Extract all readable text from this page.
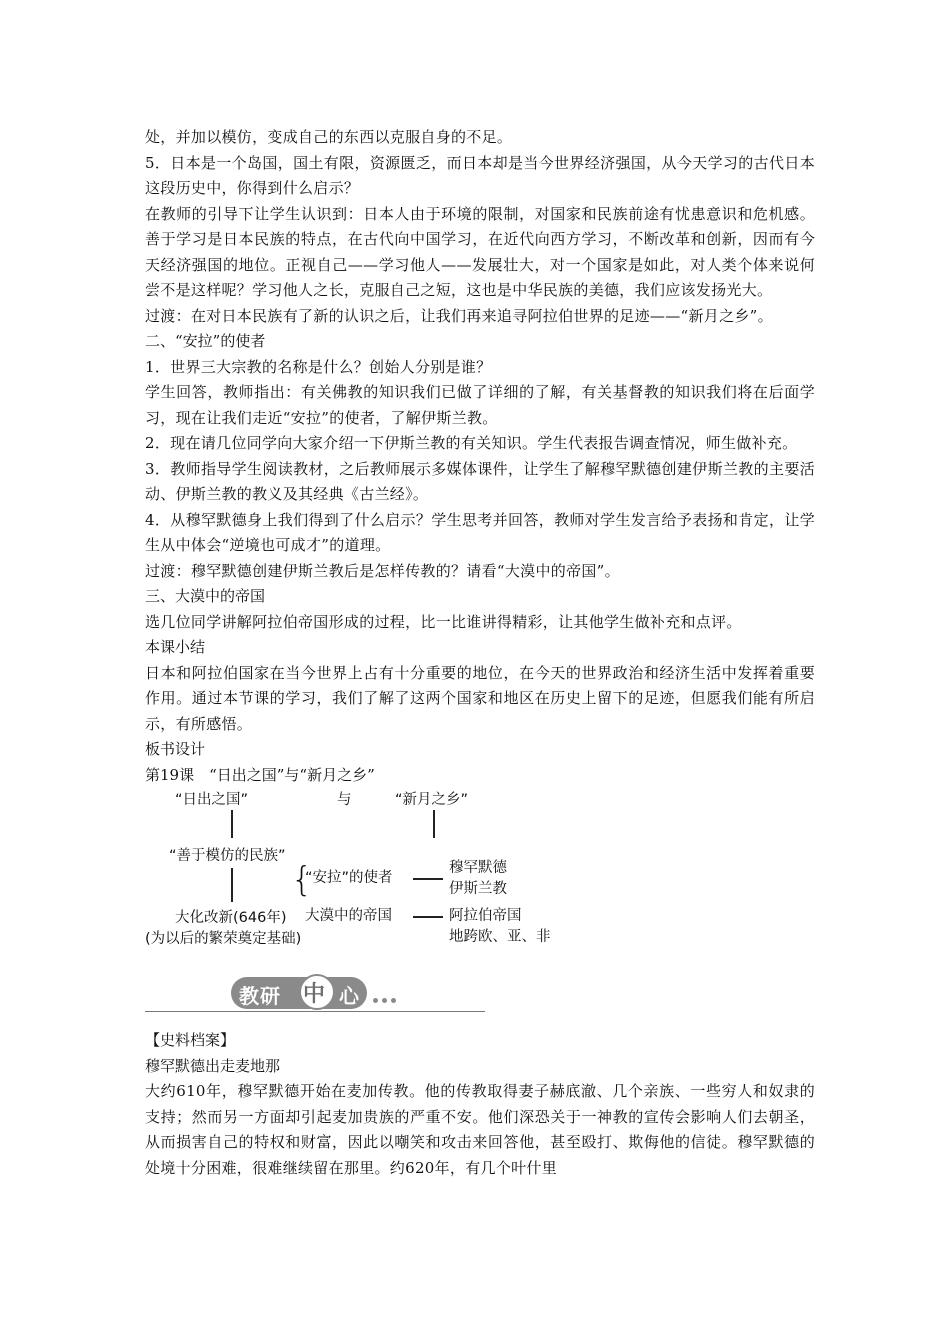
处，并加以模仿，变成自己的东西以克服自身的不足。

5．日本是一个岛国，国土有限，资源匮乏，而日本却是当今世界经济强国，从今天学习的古代日本这段历史中，你得到什么启示？

在教师的引导下让学生认识到：日本人由于环境的限制，对国家和民族前途有忧患意识和危机感。善于学习是日本民族的特点，在古代向中国学习，在近代向西方学习，不断改革和创新，因而有今天经济强国的地位。正视自己——学习他人——发展壮大，对一个国家是如此，对人类个体来说何尝不是这样呢？学习他人之长，克服自己之短，这也是中华民族的美德，我们应该发扬光大。

过渡：在对日本民族有了新的认识之后，让我们再来追寻阿拉伯世界的足迹——“新月之乡”。

二、“安拉”的使者

1．世界三大宗教的名称是什么？创始人分别是谁？

学生回答，教师指出：有关佛教的知识我们已做了详细的了解，有关基督教的知识我们将在后面学习，现在让我们走近“安拉”的使者，了解伊斯兰教。

2．现在请几位同学向大家介绍一下伊斯兰教的有关知识。学生代表报告调查情况，师生做补充。

3．教师指导学生阅读教材，之后教师展示多媒体课件，让学生了解穆罕默德创建伊斯兰教的主要活动、伊斯兰教的教义及其经典《古兰经》。

4．从穆罕默德身上我们得到了什么启示？学生思考并回答，教师对学生发言给予表扬和肯定，让学生从中体会“逆境也可成才”的道理。

过渡：穆罕默德创建伊斯兰教后是怎样传教的？请看“大漠中的帝国”。

三、大漠中的帝国

选几位同学讲解阿拉伯帝国形成的过程，比一比谁讲得精彩，让其他学生做补充和点评。

本课小结

日本和阿拉伯国家在当今世界上占有十分重要的地位，在今天的世界政治和经济生活中发挥着重要作用。通过本节课的学习，我们了解了这两个国家和地区在历史上留下的足迹，但愿我们能有所启示，有所感悟。

板书设计

第19课　“日出之国”与“新月之乡”

“日出之国”	与	“新月之乡”
“善于模仿的民族”
大化改新(646年)
(为以后的繁荣奠定基础)
{
“安拉”的使者
穆罕默德
伊斯兰教
大漠中的帝国	阿拉伯帝国
地跨欧、亚、非
教研 中 心

【史料档案】

穆罕默德出走麦地那

大约610年，穆罕默德开始在麦加传教。他的传教取得妻子赫底澈、几个亲族、一些穷人和奴隶的支持；然而另一方面却引起麦加贵族的严重不安。他们深恐关于一神教的宣传会影响人们去朝圣，从而损害自己的特权和财富，因此以嘲笑和攻击来回答他，甚至殴打、欺侮他的信徒。穆罕默德的处境十分困难，很难继续留在那里。约620年，有几个叶什里
